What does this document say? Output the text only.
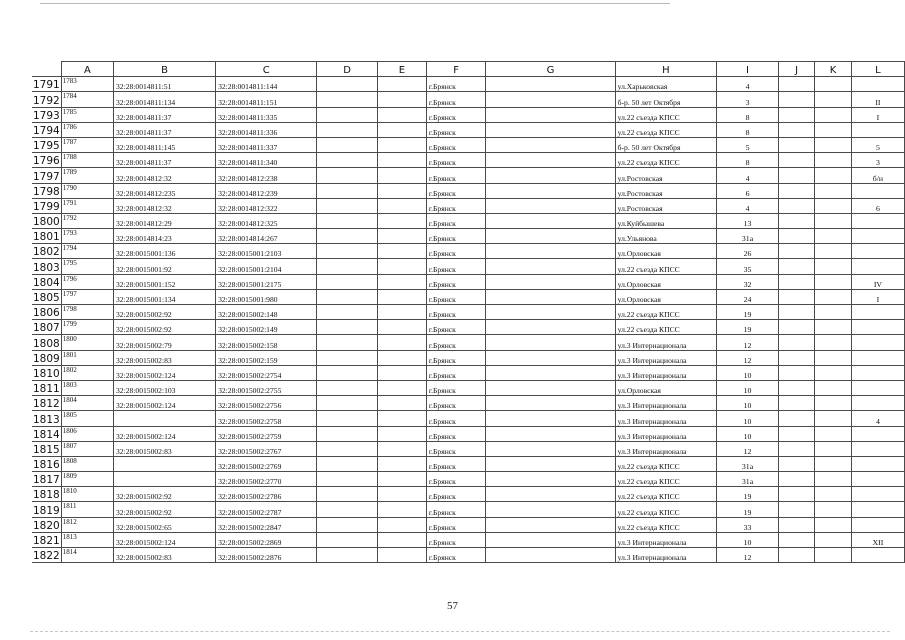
	A	B	C	D	E	F	G	H	I	J	K	L
1791	1783	32:28:0014811:51	32:28:0014811:144			г.Брянск		ул.Харьковская	4			
1792	1784	32:28:0014811:134	32:28:0014811:151			г.Брянск		б-р. 50 лет Октября	3			II
1793	1785	32:28:0014811:37	32:28:0014811:335			г.Брянск		ул.22 съезда КПСС	8			I
1794	1786	32:28:0014811:37	32:28:0014811:336			г.Брянск		ул.22 съезда КПСС	8			
1795	1787	32:28:0014811:145	32:28:0014811:337			г.Брянск		б-р. 50 лет Октября	5			5
1796	1788	32:28:0014811:37	32:28:0014811:340			г.Брянск		ул.22 съезда КПСС	8			3
1797	1789	32:28:0014812:32	32:28:0014812:238			г.Брянск		ул.Ростовская	4			б/н
1798	1790	32:28:0014812:235	32:28:0014812:239			г.Брянск		ул.Ростовская	6			
1799	1791	32:28:0014812:32	32:28:0014812:322			г.Брянск		ул.Ростовская	4			6
1800	1792	32:28:0014812:29	32:28:0014812:325			г.Брянск		ул.Куйбышева	13			
1801	1793	32:28:0014814:23	32:28:0014814:267			г.Брянск		ул.Ульянова	31а			
1802	1794	32:28:0015001:136	32:28:0015001:2103			г.Брянск		ул.Орловская	26			
1803	1795	32:28:0015001:92	32:28:0015001:2104			г.Брянск		ул.22 съезда КПСС	35			
1804	1796	32:28:0015001:152	32:28:0015001:2175			г.Брянск		ул.Орловская	32			IV
1805	1797	32:28:0015001:134	32:28:0015001:980			г.Брянск		ул.Орловская	24			I
1806	1798	32:28:0015002:92	32:28:0015002:148			г.Брянск		ул.22 съезда КПСС	19			
1807	1799	32:28:0015002:92	32:28:0015002:149			г.Брянск		ул.22 съезда КПСС	19			
1808	1800	32:28:0015002:79	32:28:0015002:158			г.Брянск		ул.3 Интернационала	12			
1809	1801	32:28:0015002:83	32:28:0015002:159			г.Брянск		ул.3 Интернационала	12			
1810	1802	32:28:0015002:124	32:28:0015002:2754			г.Брянск		ул.3 Интернационала	10			
1811	1803	32:28:0015002:103	32:28:0015002:2755			г.Брянск		ул.Орловская	10			
1812	1804	32:28:0015002:124	32:28:0015002:2756			г.Брянск		ул.3 Интернационала	10			
1813	1805		32:28:0015002:2758			г.Брянск		ул.3 Интернационала	10			4
1814	1806	32:28:0015002:124	32:28:0015002:2759			г.Брянск		ул.3 Интернационала	10			
1815	1807	32:28:0015002:83	32:28:0015002:2767			г.Брянск		ул.3 Интернационала	12			
1816	1808		32:28:0015002:2769			г.Брянск		ул.22 съезда КПСС	31а			
1817	1809		32:28:0015002:2770			г.Брянск		ул.22 съезда КПСС	31а			
1818	1810	32:28:0015002:92	32:28:0015002:2786			г.Брянск		ул.22 съезда КПСС	19			
1819	1811	32:28:0015002:92	32:28:0015002:2787			г.Брянск		ул.22 съезда КПСС	19			
1820	1812	32:28:0015002:65	32:28:0015002:2847			г.Брянск		ул.22 съезда КПСС	33			
1821	1813	32:28:0015002:124	32:28:0015002:2869			г.Брянск		ул.3 Интернационала	10			XII
1822	1814	32:28:0015002:83	32:28:0015002:2876			г.Брянск		ул.3 Интернационала	12			
57
